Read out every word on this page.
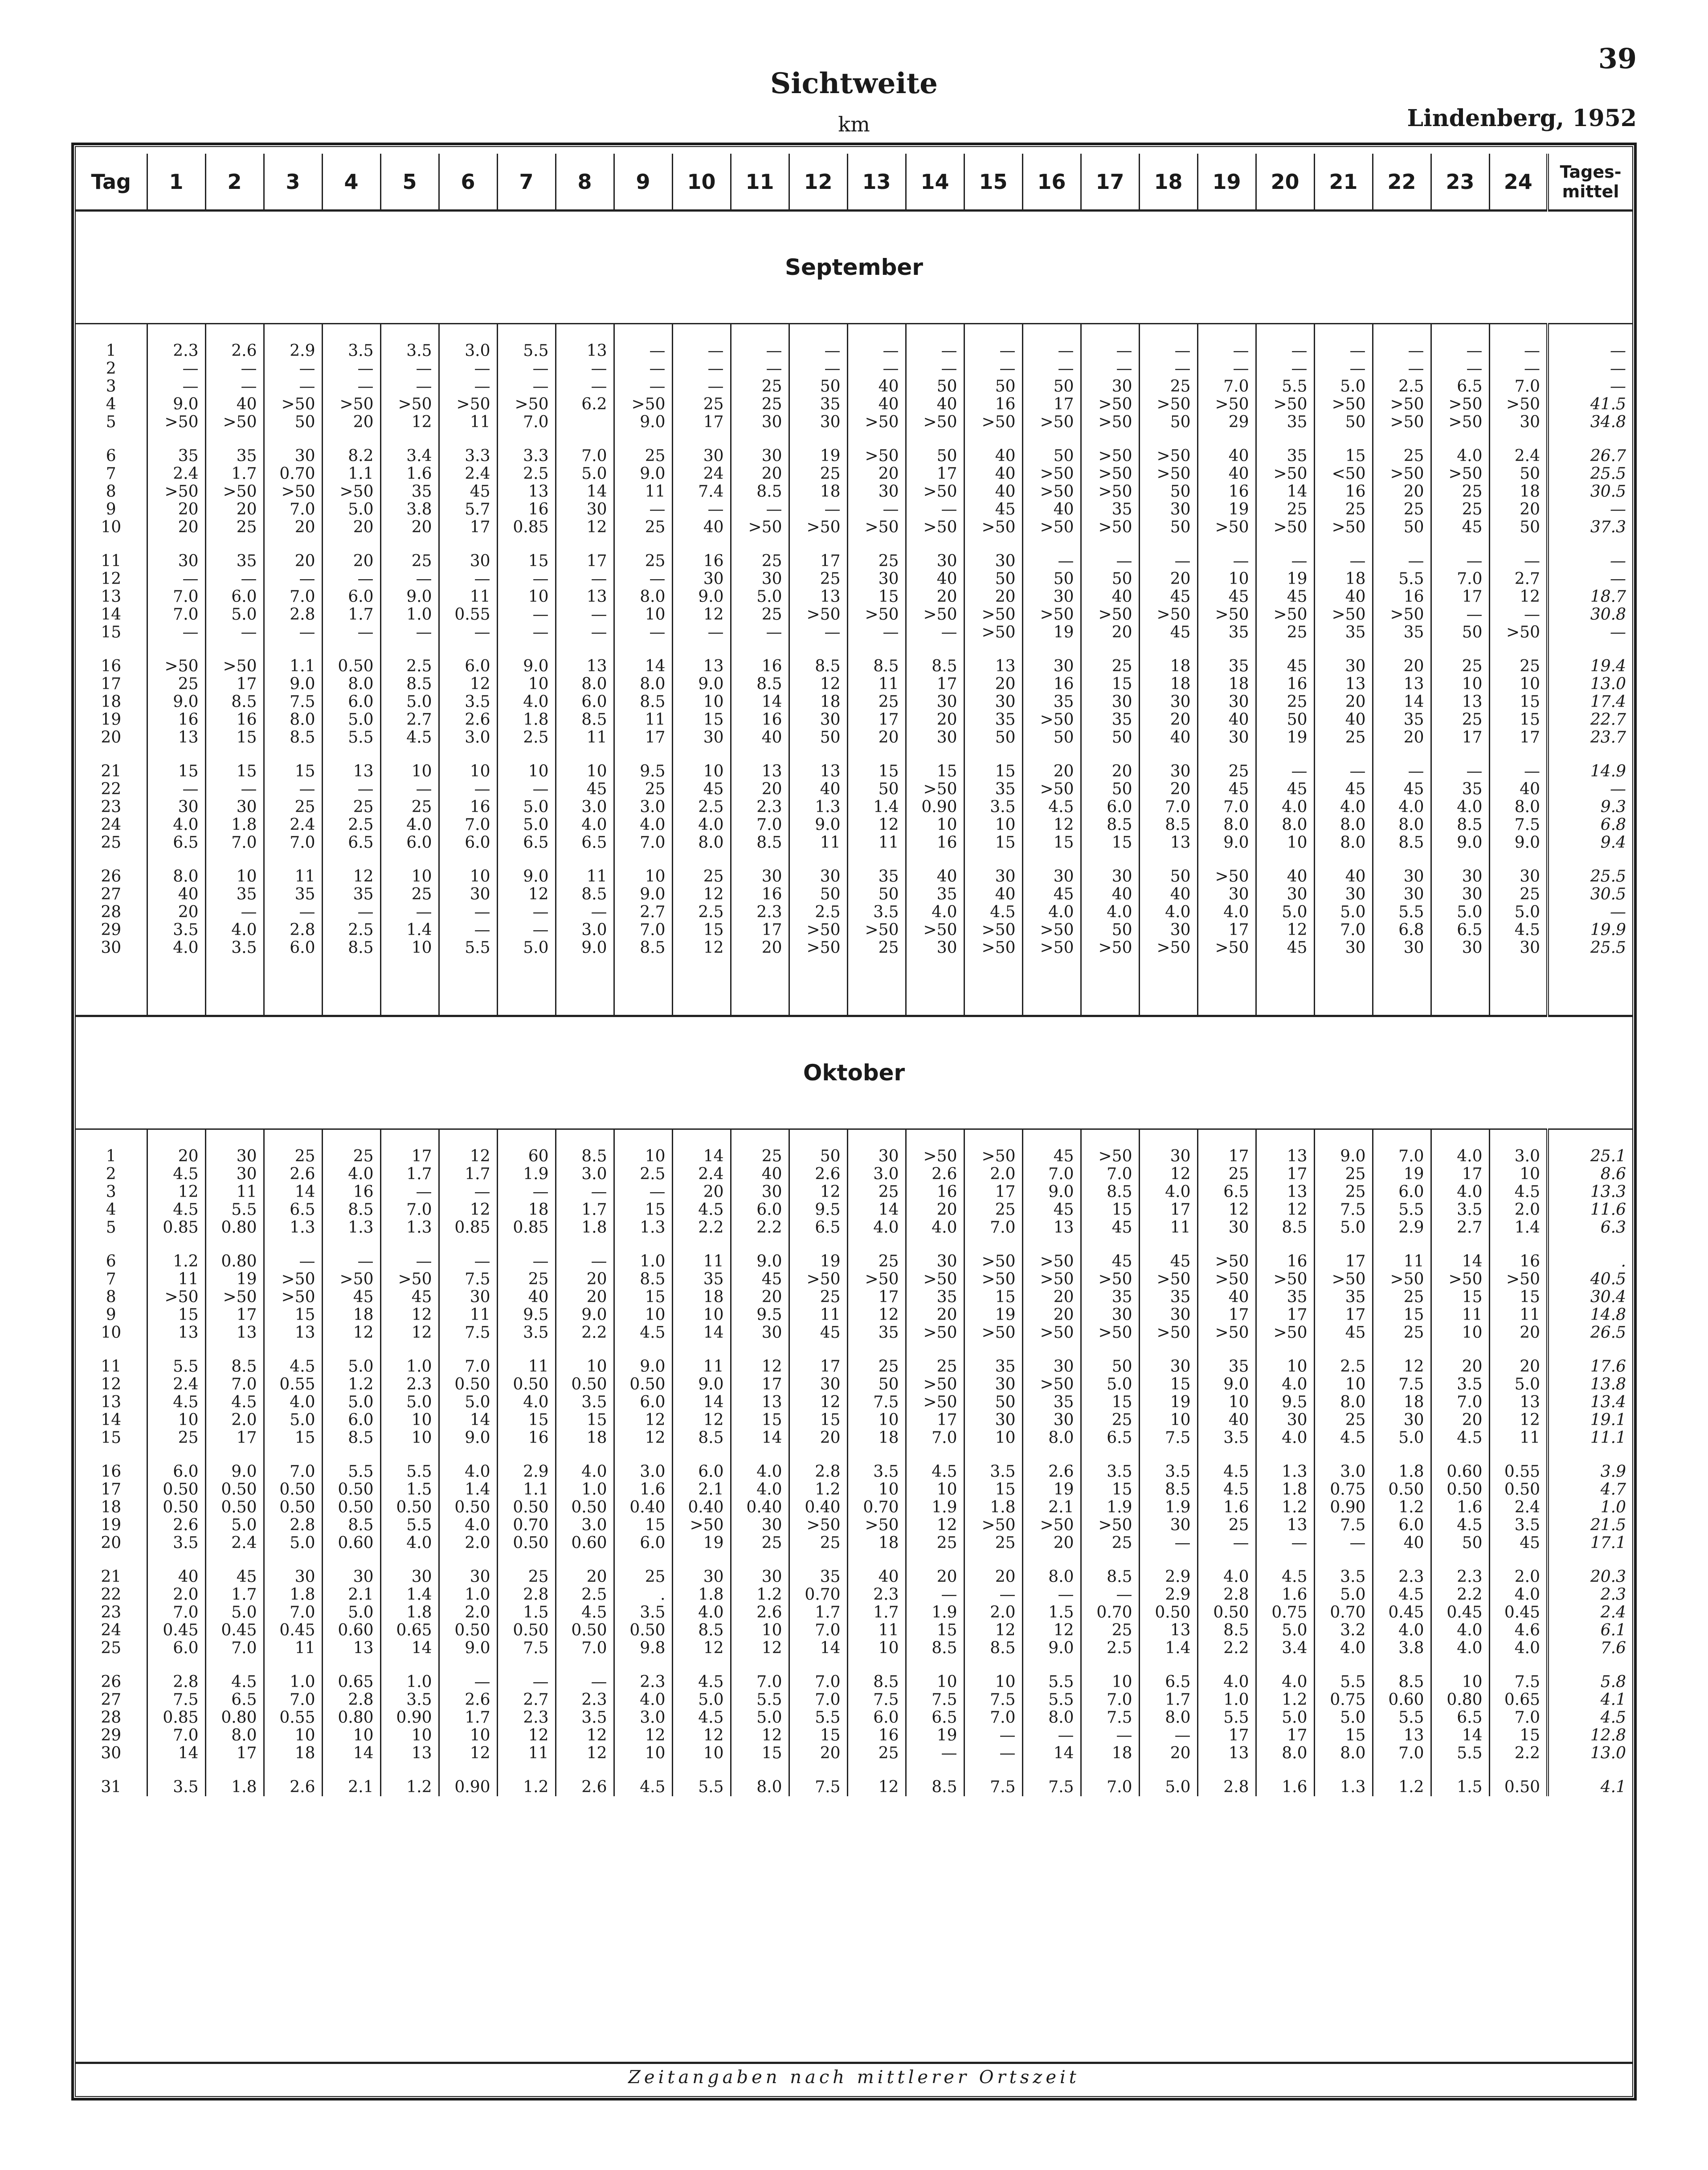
Sichtweite
km
39
Lindenberg, 1952
Tag	1	2	3	4	5	6	7	8	9	10	11	12	13	14	15	16	17	18	19	20	21	22	23	24	Tages-
mittel

September																									

1	2.3	2.6	2.9	3.5	3.5	3.0	5.5	13	—	—	—	—	—	—	—	—	—	—	—	—	—	—	—	—	—
2	—	—	—	—	—	—	—	—	—	—	—	—	—	—	—	—	—	—	—	—	—	—	—	—	—
3	—	—	—	—	—	—	—	—	—	—	25	50	40	50	50	50	30	25	7.0	5.5	5.0	2.5	6.5	7.0	—
4	9.0	40	>50	>50	>50	>50	>50	6.2	>50	25	25	35	40	40	16	17	>50	>50	>50	>50	>50	>50	>50	>50	41.5
5	>50	>50	50	20	12	11	7.0		9.0	17	30	30	>50	>50	>50	>50	>50	50	29	35	50	>50	>50	30	34.8

6	35	35	30	8.2	3.4	3.3	3.3	7.0	25	30	30	19	>50	50	40	50	>50	>50	40	35	15	25	4.0	2.4	26.7
7	2.4	1.7	0.70	1.1	1.6	2.4	2.5	5.0	9.0	24	20	25	20	17	40	>50	>50	>50	40	>50	<50	>50	>50	50	25.5
8	>50	>50	>50	>50	35	45	13	14	11	7.4	8.5	18	30	>50	40	>50	>50	50	16	14	16	20	25	18	30.5
9	20	20	7.0	5.0	3.8	5.7	16	30	—	—	—	—	—	—	45	40	35	30	19	25	25	25	25	20	—
10	20	25	20	20	20	17	0.85	12	25	40	>50	>50	>50	>50	>50	>50	>50	50	>50	>50	>50	50	45	50	37.3

11	30	35	20	20	25	30	15	17	25	16	25	17	25	30	30	—	—	—	—	—	—	—	—	—	—
12	—	—	—	—	—	—	—	—	—	30	30	25	30	40	50	50	50	20	10	19	18	5.5	7.0	2.7	—
13	7.0	6.0	7.0	6.0	9.0	11	10	13	8.0	9.0	5.0	13	15	20	20	30	40	45	45	45	40	16	17	12	18.7
14	7.0	5.0	2.8	1.7	1.0	0.55	—	—	10	12	25	>50	>50	>50	>50	>50	>50	>50	>50	>50	>50	>50	—	—	30.8
15	—	—	—	—	—	—	—	—	—	—	—	—	—	—	>50	19	20	45	35	25	35	35	50	>50	—

16	>50	>50	1.1	0.50	2.5	6.0	9.0	13	14	13	16	8.5	8.5	8.5	13	30	25	18	35	45	30	20	25	25	19.4
17	25	17	9.0	8.0	8.5	12	10	8.0	8.0	9.0	8.5	12	11	17	20	16	15	18	18	16	13	13	10	10	13.0
18	9.0	8.5	7.5	6.0	5.0	3.5	4.0	6.0	8.5	10	14	18	25	30	30	35	30	30	30	25	20	14	13	15	17.4
19	16	16	8.0	5.0	2.7	2.6	1.8	8.5	11	15	16	30	17	20	35	>50	35	20	40	50	40	35	25	15	22.7
20	13	15	8.5	5.5	4.5	3.0	2.5	11	17	30	40	50	20	30	50	50	50	40	30	19	25	20	17	17	23.7

21	15	15	15	13	10	10	10	10	9.5	10	13	13	15	15	15	20	20	30	25	—	—	—	—	—	14.9
22	—	—	—	—	—	—	—	45	25	45	20	40	50	>50	35	>50	50	20	45	45	45	45	35	40	—
23	30	30	25	25	25	16	5.0	3.0	3.0	2.5	2.3	1.3	1.4	0.90	3.5	4.5	6.0	7.0	7.0	4.0	4.0	4.0	4.0	8.0	9.3
24	4.0	1.8	2.4	2.5	4.0	7.0	5.0	4.0	4.0	4.0	7.0	9.0	12	10	10	12	8.5	8.5	8.0	8.0	8.0	8.0	8.5	7.5	6.8
25	6.5	7.0	7.0	6.5	6.0	6.0	6.5	6.5	7.0	8.0	8.5	11	11	16	15	15	15	13	9.0	10	8.0	8.5	9.0	9.0	9.4

26	8.0	10	11	12	10	10	9.0	11	10	25	30	30	35	40	30	30	30	50	>50	40	40	30	30	30	25.5
27	40	35	35	35	25	30	12	8.5	9.0	12	16	50	50	35	40	45	40	40	30	30	30	30	30	25	30.5
28	20	—	—	—	—	—	—	—	2.7	2.5	2.3	2.5	3.5	4.0	4.5	4.0	4.0	4.0	4.0	5.0	5.0	5.5	5.0	5.0	—
29	3.5	4.0	2.8	2.5	1.4	—	—	3.0	7.0	15	17	>50	>50	>50	>50	>50	50	30	17	12	7.0	6.8	6.5	4.5	19.9
30	4.0	3.5	6.0	8.5	10	5.5	5.0	9.0	8.5	12	20	>50	25	30	>50	>50	>50	>50	>50	45	30	30	30	30	25.5

Oktober																									

1	20	30	25	25	17	12	60	8.5	10	14	25	50	30	>50	>50	45	>50	30	17	13	9.0	7.0	4.0	3.0	25.1
2	4.5	30	2.6	4.0	1.7	1.7	1.9	3.0	2.5	2.4	40	2.6	3.0	2.6	2.0	7.0	7.0	12	25	17	25	19	17	10	8.6
3	12	11	14	16	—	—	—	—	—	20	30	12	25	16	17	9.0	8.5	4.0	6.5	13	25	6.0	4.0	4.5	13.3
4	4.5	5.5	6.5	8.5	7.0	12	18	1.7	15	4.5	6.0	9.5	14	20	25	45	15	17	12	12	7.5	5.5	3.5	2.0	11.6
5	0.85	0.80	1.3	1.3	1.3	0.85	0.85	1.8	1.3	2.2	2.2	6.5	4.0	4.0	7.0	13	45	11	30	8.5	5.0	2.9	2.7	1.4	6.3

6	1.2	0.80	—	—	—	—	—	—	1.0	11	9.0	19	25	30	>50	>50	45	45	>50	16	17	11	14	16	.
7	11	19	>50	>50	>50	7.5	25	20	8.5	35	45	>50	>50	>50	>50	>50	>50	>50	>50	>50	>50	>50	>50	>50	40.5
8	>50	>50	>50	45	45	30	40	20	15	18	20	25	17	35	15	20	35	35	40	35	35	25	15	15	30.4
9	15	17	15	18	12	11	9.5	9.0	10	10	9.5	11	12	20	19	20	30	30	17	17	17	15	11	11	14.8
10	13	13	13	12	12	7.5	3.5	2.2	4.5	14	30	45	35	>50	>50	>50	>50	>50	>50	>50	45	25	10	20	26.5

11	5.5	8.5	4.5	5.0	1.0	7.0	11	10	9.0	11	12	17	25	25	35	30	50	30	35	10	2.5	12	20	20	17.6
12	2.4	7.0	0.55	1.2	2.3	0.50	0.50	0.50	0.50	9.0	17	30	50	>50	30	>50	5.0	15	9.0	4.0	10	7.5	3.5	5.0	13.8
13	4.5	4.5	4.0	5.0	5.0	5.0	4.0	3.5	6.0	14	13	12	7.5	>50	50	35	15	19	10	9.5	8.0	18	7.0	13	13.4
14	10	2.0	5.0	6.0	10	14	15	15	12	12	15	15	10	17	30	30	25	10	40	30	25	30	20	12	19.1
15	25	17	15	8.5	10	9.0	16	18	12	8.5	14	20	18	7.0	10	8.0	6.5	7.5	3.5	4.0	4.5	5.0	4.5	11	11.1

16	6.0	9.0	7.0	5.5	5.5	4.0	2.9	4.0	3.0	6.0	4.0	2.8	3.5	4.5	3.5	2.6	3.5	3.5	4.5	1.3	3.0	1.8	0.60	0.55	3.9
17	0.50	0.50	0.50	0.50	1.5	1.4	1.1	1.0	1.6	2.1	4.0	1.2	10	10	15	19	15	8.5	4.5	1.8	0.75	0.50	0.50	0.50	4.7
18	0.50	0.50	0.50	0.50	0.50	0.50	0.50	0.50	0.40	0.40	0.40	0.40	0.70	1.9	1.8	2.1	1.9	1.9	1.6	1.2	0.90	1.2	1.6	2.4	1.0
19	2.6	5.0	2.8	8.5	5.5	4.0	0.70	3.0	15	>50	30	>50	>50	12	>50	>50	>50	30	25	13	7.5	6.0	4.5	3.5	21.5
20	3.5	2.4	5.0	0.60	4.0	2.0	0.50	0.60	6.0	19	25	25	18	25	25	20	25	—	—	—	—	40	50	45	17.1

21	40	45	30	30	30	30	25	20	25	30	30	35	40	20	20	8.0	8.5	2.9	4.0	4.5	3.5	2.3	2.3	2.0	20.3
22	2.0	1.7	1.8	2.1	1.4	1.0	2.8	2.5	.	1.8	1.2	0.70	2.3	—	—	—	—	2.9	2.8	1.6	5.0	4.5	2.2	4.0	2.3
23	7.0	5.0	7.0	5.0	1.8	2.0	1.5	4.5	3.5	4.0	2.6	1.7	1.7	1.9	2.0	1.5	0.70	0.50	0.50	0.75	0.70	0.45	0.45	0.45	2.4
24	0.45	0.45	0.45	0.60	0.65	0.50	0.50	0.50	0.50	8.5	10	7.0	11	15	12	12	25	13	8.5	5.0	3.2	4.0	4.0	4.6	6.1
25	6.0	7.0	11	13	14	9.0	7.5	7.0	9.8	12	12	14	10	8.5	8.5	9.0	2.5	1.4	2.2	3.4	4.0	3.8	4.0	4.0	7.6

26	2.8	4.5	1.0	0.65	1.0	—	—	—	2.3	4.5	7.0	7.0	8.5	10	10	5.5	10	6.5	4.0	4.0	5.5	8.5	10	7.5	5.8
27	7.5	6.5	7.0	2.8	3.5	2.6	2.7	2.3	4.0	5.0	5.5	7.0	7.5	7.5	7.5	5.5	7.0	1.7	1.0	1.2	0.75	0.60	0.80	0.65	4.1
28	0.85	0.80	0.55	0.80	0.90	1.7	2.3	3.5	3.0	4.5	5.0	5.5	6.0	6.5	7.0	8.0	7.5	8.0	5.5	5.0	5.0	5.5	6.5	7.0	4.5
29	7.0	8.0	10	10	10	10	12	12	12	12	12	15	16	19	—	—	—	—	17	17	15	13	14	15	12.8
30	14	17	18	14	13	12	11	12	10	10	15	20	25	—	—	14	18	20	13	8.0	8.0	7.0	5.5	2.2	13.0

31	3.5	1.8	2.6	2.1	1.2	0.90	1.2	2.6	4.5	5.5	8.0	7.5	12	8.5	7.5	7.5	7.0	5.0	2.8	1.6	1.3	1.2	1.5	0.50	4.1
Zeitangaben nach mittlerer Ortszeit
